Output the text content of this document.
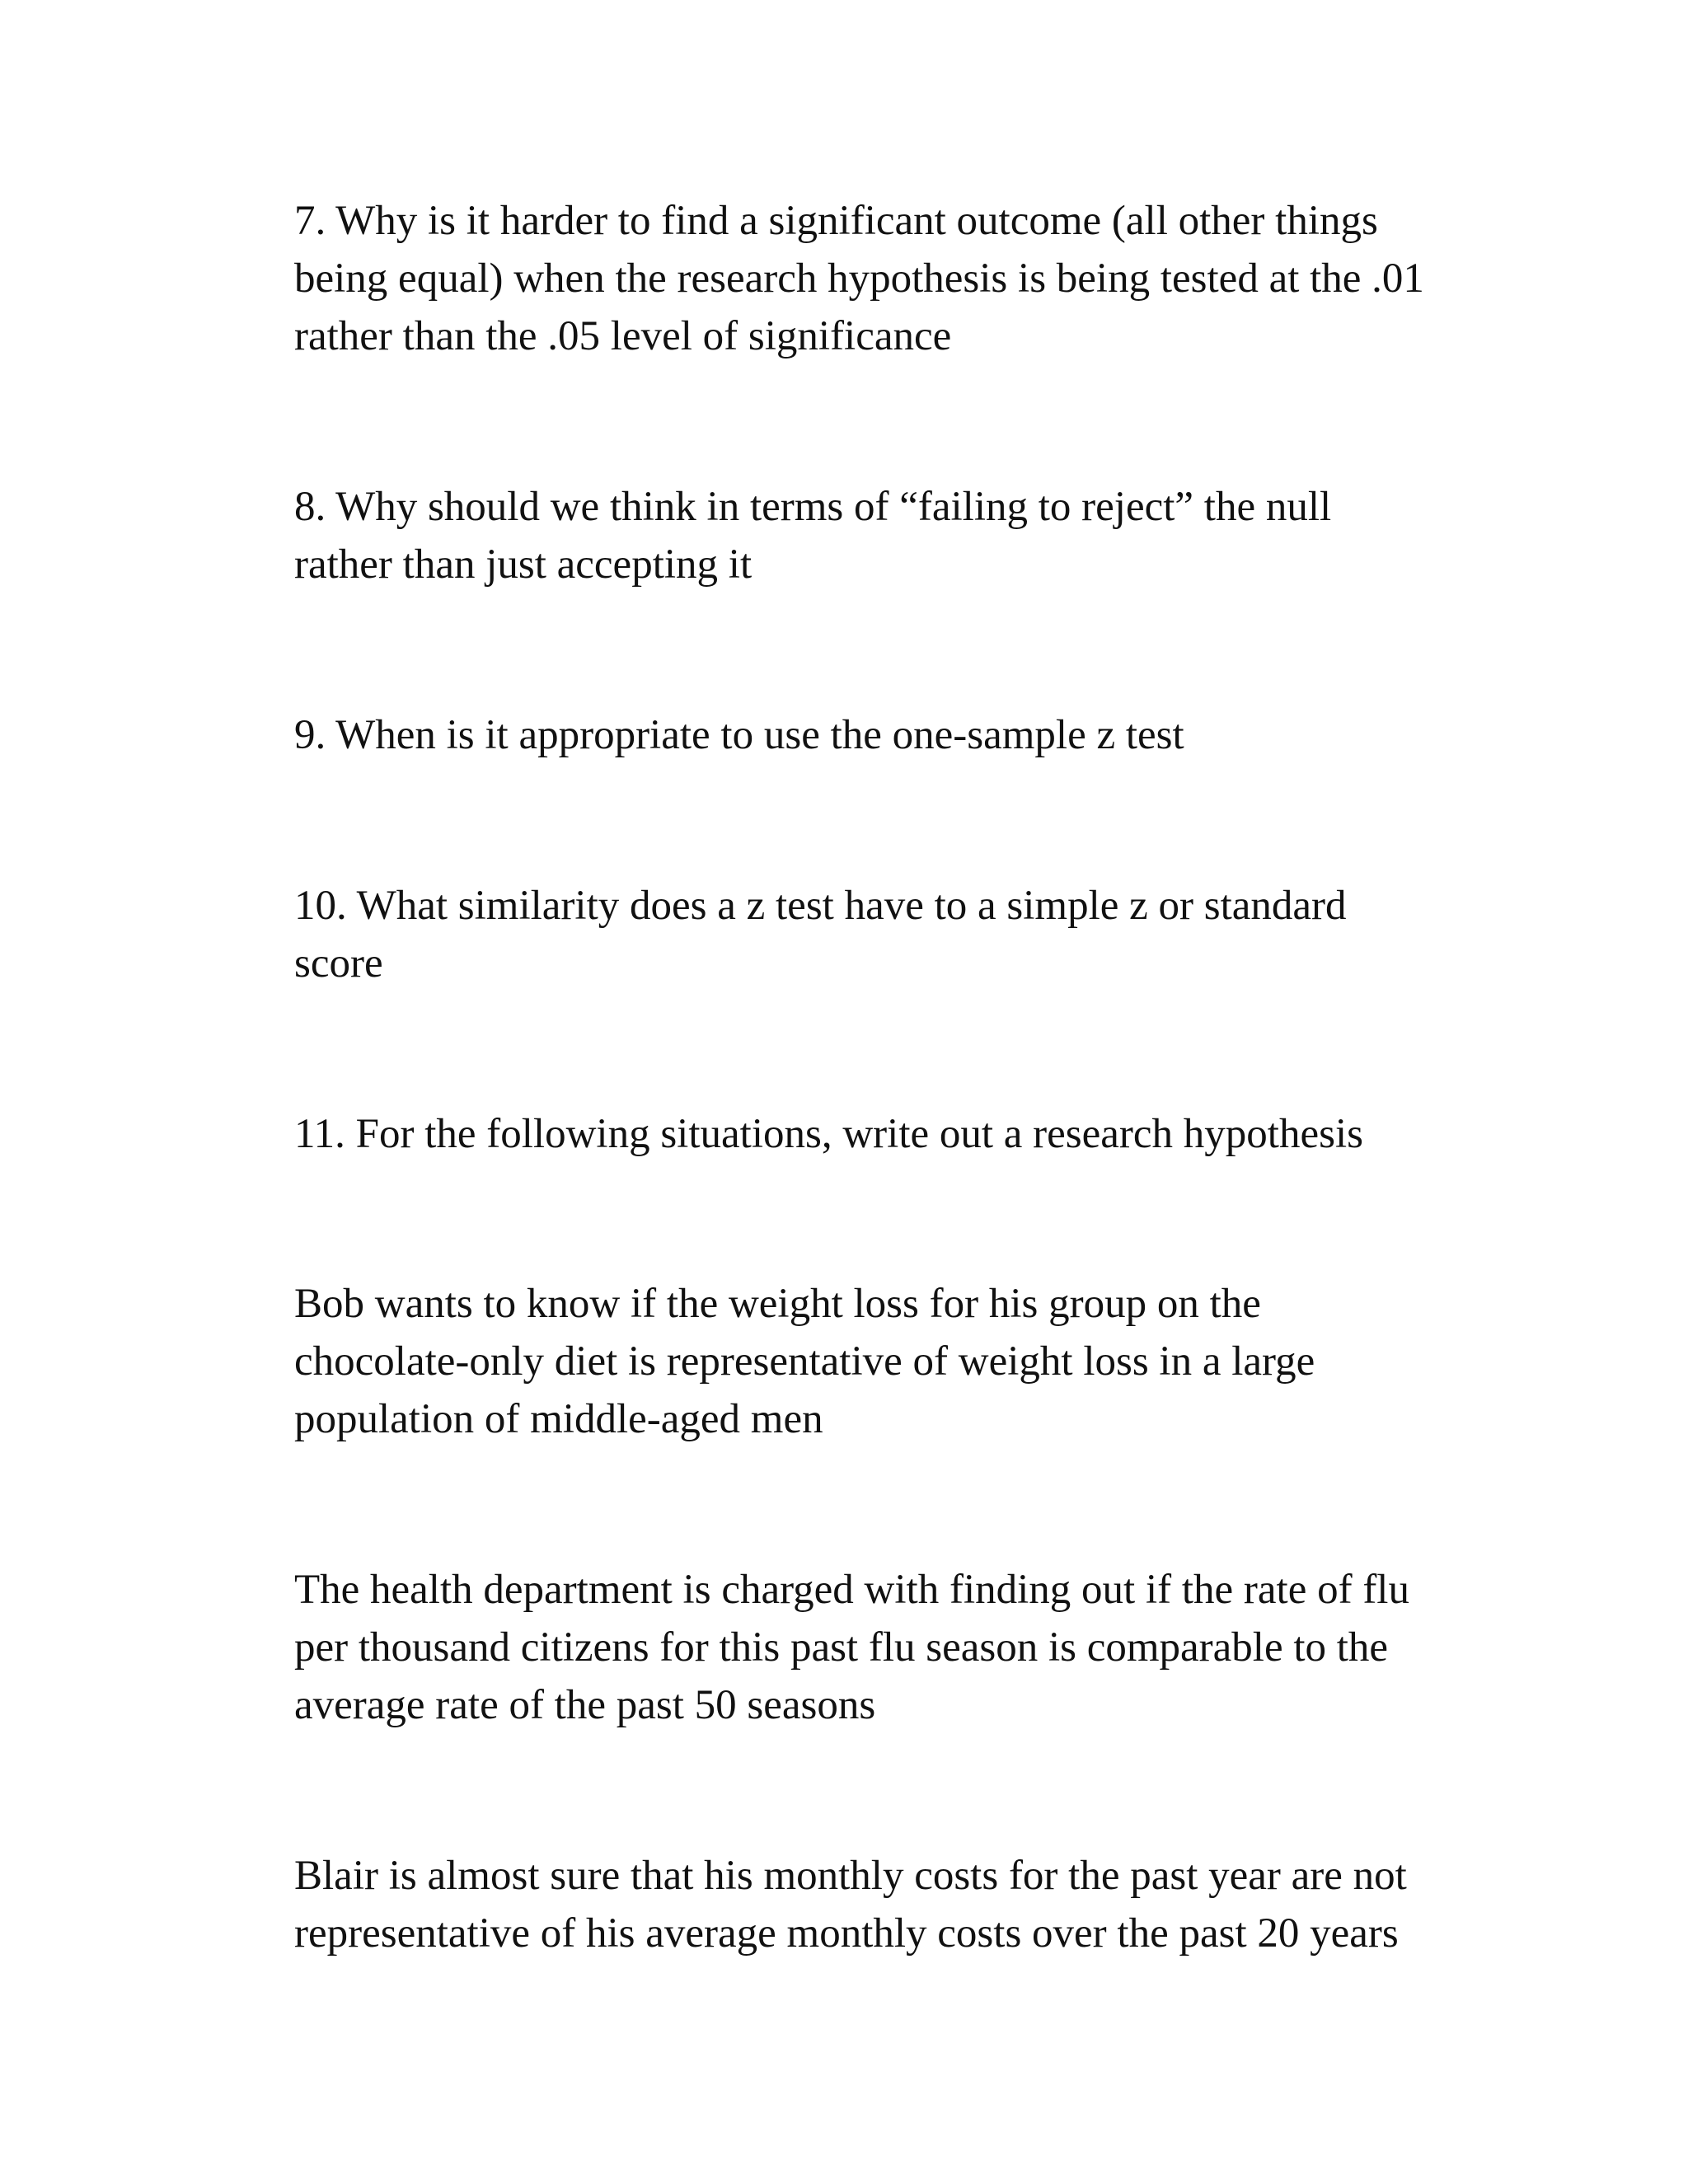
7. Why is it harder to find a significant outcome (all other things
being equal) when the research hypothesis is being tested at the .01
rather than the .05 level of significance

8. Why should we think in terms of “failing to reject” the null
rather than just accepting it

9. When is it appropriate to use the one-sample z test

10. What similarity does a z test have to a simple z or standard
score

11. For the following situations, write out a research hypothesis

Bob wants to know if the weight loss for his group on the
chocolate-only diet is representative of weight loss in a large
population of middle-aged men

The health department is charged with finding out if the rate of flu
per thousand citizens for this past flu season is comparable to the
average rate of the past 50 seasons

Blair is almost sure that his monthly costs for the past year are not
representative of his average monthly costs over the past 20 years
